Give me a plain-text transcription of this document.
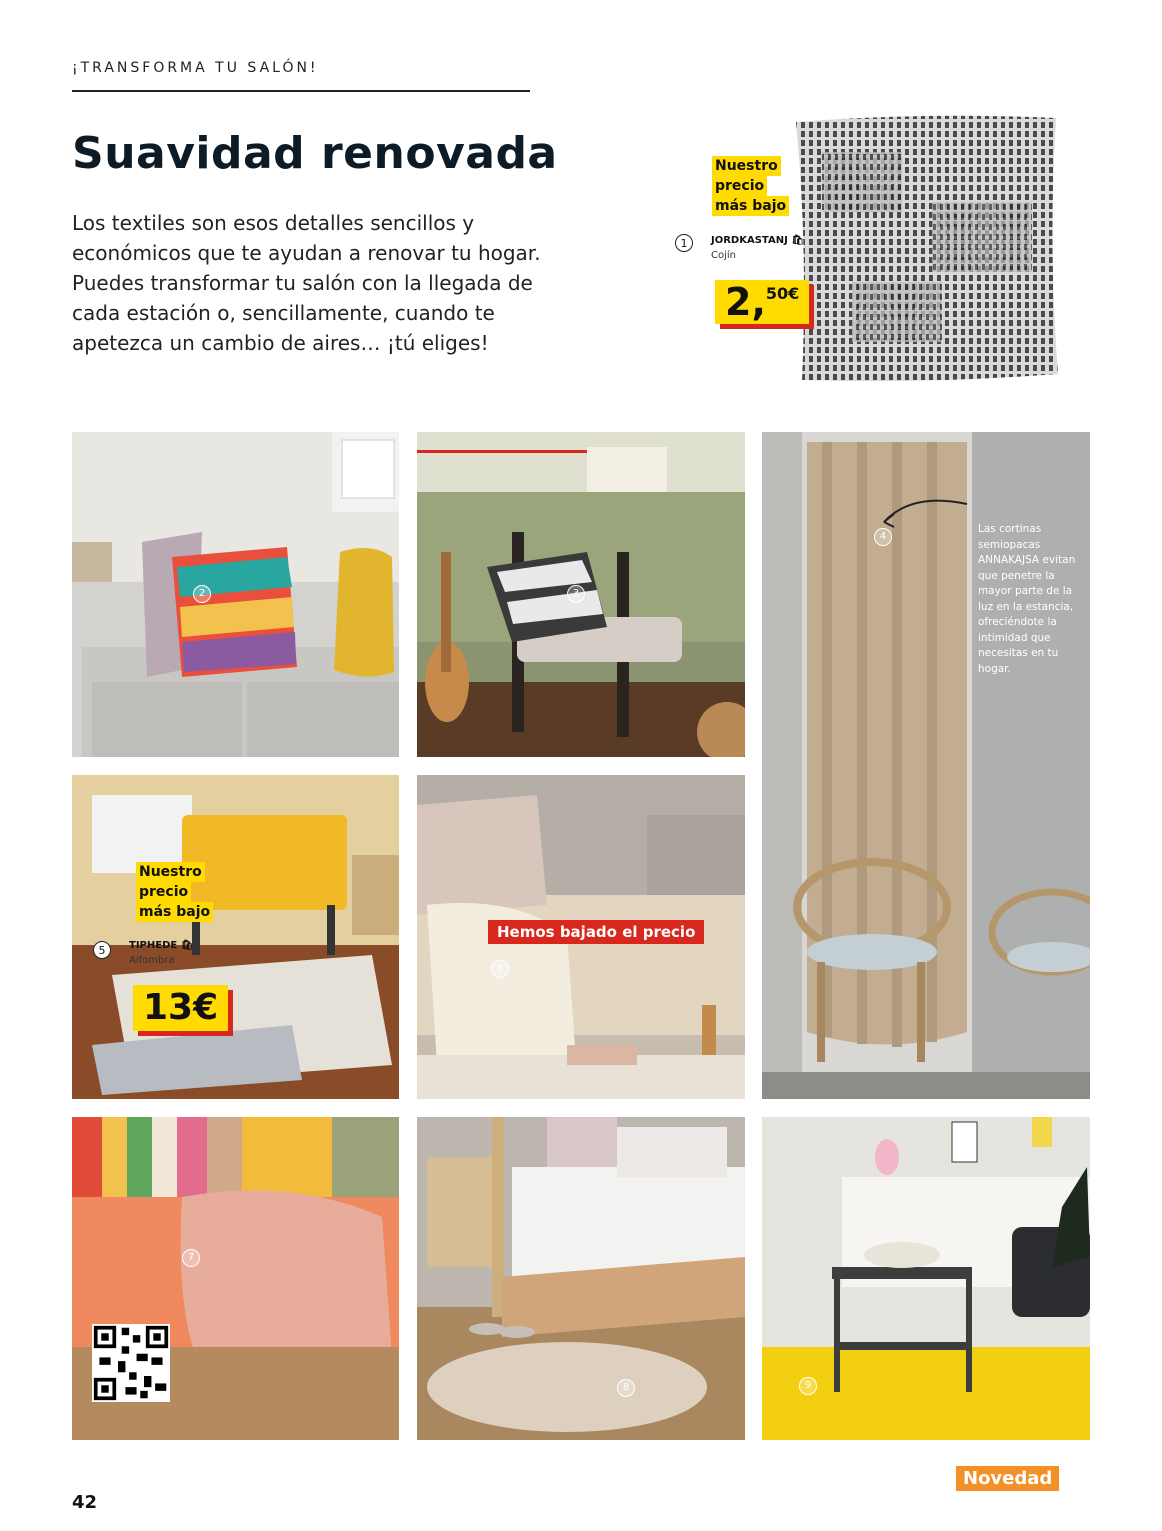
¡TRANSFORMA TU SALÓN!
Suavidad renovada

Los textiles son esos detalles sencillos y económicos que te ayudan a renovar tu hogar. Puedes transformar tu salón con la llegada de cada estación o, sencillamente, cuando te apetezca un cambio de aires… ¡tú eliges!

Nuestro
precio
más bajo
1	JORDKASTANJ 🛍
Cojín
2,50€
2	3
4
Las cortinas semiopacas ANNAKAJSA evitan que penetre la mayor parte de la luz en la estancia, ofreciéndote la intimidad que necesitas en tu hogar.
Nuestro
precio
más bajo
5	TIPHEDE 🛍
Alfombra
13€
6
Hemos bajado el precio
7
8	9
Novedad
42
